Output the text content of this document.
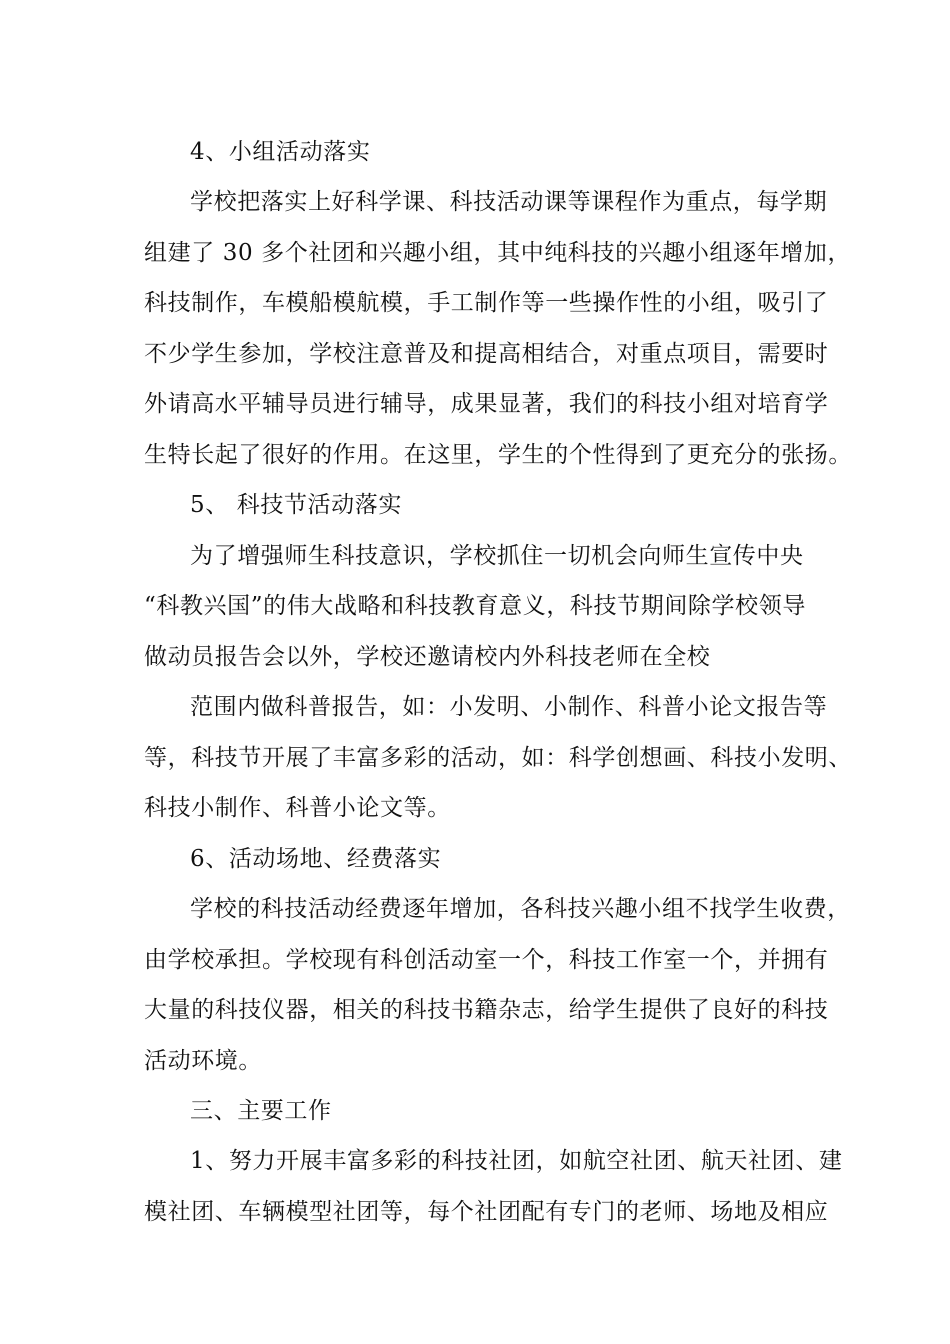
4、小组活动落实
学校把落实上好科学课、科技活动课等课程作为重点，每学期
组建了 30 多个社团和兴趣小组，其中纯科技的兴趣小组逐年增加，
科技制作，车模船模航模，手工制作等一些操作性的小组，吸引了
不少学生参加，学校注意普及和提高相结合，对重点项目，需要时
外请高水平辅导员进行辅导，成果显著，我们的科技小组对培育学
生特长起了很好的作用。在这里，学生的个性得到了更充分的张扬。
5、 科技节活动落实
为了增强师生科技意识，学校抓住一切机会向师生宣传中央
“科教兴国”的伟大战略和科技教育意义，科技节期间除学校领导
做动员报告会以外，学校还邀请校内外科技老师在全校
范围内做科普报告，如：小发明、小制作、科普小论文报告等
等，科技节开展了丰富多彩的活动，如：科学创想画、科技小发明、
科技小制作、科普小论文等。
6、活动场地、经费落实
学校的科技活动经费逐年增加，各科技兴趣小组不找学生收费，
由学校承担。学校现有科创活动室一个，科技工作室一个，并拥有
大量的科技仪器，相关的科技书籍杂志，给学生提供了良好的科技
活动环境。
三、主要工作
1、努力开展丰富多彩的科技社团，如航空社团、航天社团、建
模社团、车辆模型社团等，每个社团配有专门的老师、场地及相应
